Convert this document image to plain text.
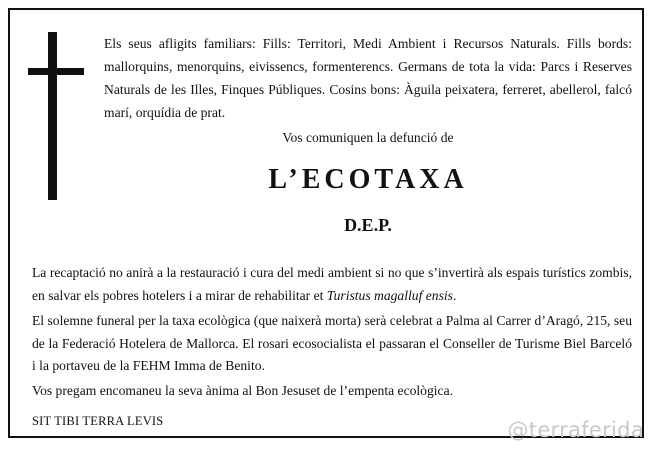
Els seus afligits familiars: Fills: Territori, Medi Ambient i Recursos Naturals. Fills bords: mallorquins, menorquins, eivissencs, formenterencs. Germans de tota la vida: Parcs i Reserves Naturals de les Illes, Finques Públiques. Cosins bons: Àguila peixatera, ferreret, abellerol, falcó marí, orquídia de prat.

Vos comuniquen la defunció de

L’ECOTAXA

D.E.P.

La recaptació no anirà a la restauració i cura del medi ambient si no que s’invertirà als espais turístics zombis, en salvar els pobres hotelers i a mirar de rehabilitar et Turistus magalluf ensis.

El solemne funeral per la taxa ecològica (que naixerà morta) serà celebrat a Palma al Carrer d’Aragó, 215, seu de la Federació Hotelera de Mallorca. El rosari ecosocialista el passaran el Conseller de Turisme Biel Barceló i la portaveu de la FEHM Imma de Benito.

Vos pregam encomaneu la seva ànima al Bon Jesuset de l’empenta ecològica.

SIT TIBI TERRA LEVIS	@terraferida
